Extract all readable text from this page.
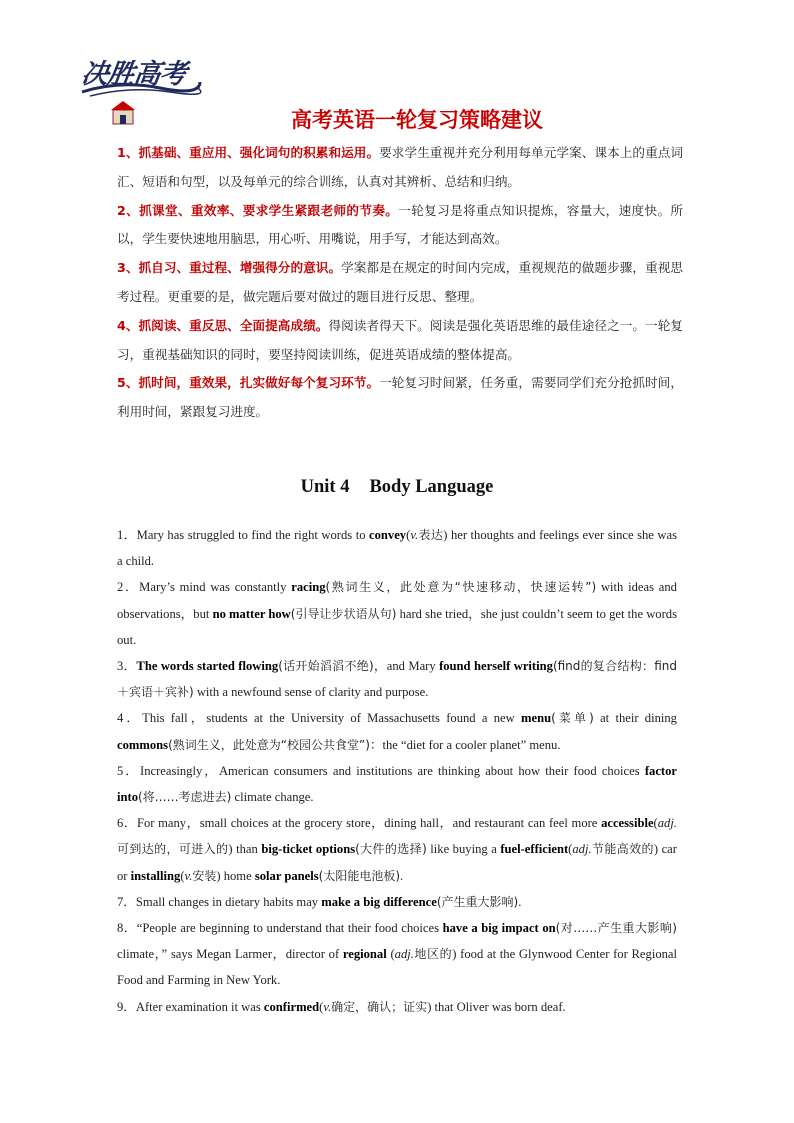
决胜高考
高考英语一轮复习策略建议

1、抓基础、重应用、强化词句的积累和运用。要求学生重视并充分利用每单元学案、课本上的重点词汇、短语和句型，以及每单元的综合训练，认真对其辨析、总结和归纳。

2、抓课堂、重效率、要求学生紧跟老师的节奏。一轮复习是将重点知识提炼，容量大，速度快。所以，学生要快速地用脑思，用心听、用嘴说，用手写，才能达到高效。

3、抓自习、重过程、增强得分的意识。学案都是在规定的时间内完成，重视规范的做题步骤，重视思考过程。更重要的是，做完题后要对做过的题目进行反思、整理。

4、抓阅读、重反思、全面提高成绩。得阅读者得天下。阅读是强化英语思维的最佳途径之一。一轮复习，重视基础知识的同时，要坚持阅读训练，促进英语成绩的整体提高。

5、抓时间，重效果，扎实做好每个复习环节。一轮复习时间紧，任务重，需要同学们充分抢抓时间，利用时间，紧跟复习进度。

Unit 4 Body Language

1．Mary has struggled to find the right words to convey(v.表达) her thoughts and feelings ever since she was a child.

2．Mary’s mind was constantly racing(熟词生义，此处意为“快速移动，快速运转”) with ideas and observations，but no matter how(引导让步状语从句) hard she tried，she just couldn’t seem to get the words out.

3．The words started flowing(话开始滔滔不绝)，and Mary found herself writing(find的复合结构：find＋宾语＋宾补) with a newfound sense of clarity and purpose.

4．This fall，students at the University of Massachusetts found a new menu(菜单) at their dining commons(熟词生义，此处意为“校园公共食堂”)：the “diet for a cooler planet” menu.

5．Increasingly，American consumers and institutions are thinking about how their food choices factor into(将……考虑进去) climate change.

6．For many，small choices at the grocery store，dining hall，and restaurant can feel more accessible(adj.可到达的，可进入的) than big-ticket options(大件的选择) like buying a fuel-efficient(adj.节能高效的) car or installing(v.安装) home solar panels(太阳能电池板).

7．Small changes in dietary habits may make a big difference(产生重大影响).

8．“People are beginning to understand that their food choices have a big impact on(对……产生重大影响) climate，” says Megan Larmer，director of regional (adj.地区的) food at the Glynwood Center for Regional Food and Farming in New York.

9．After examination it was confirmed(v.确定，确认；证实) that Oliver was born deaf.
